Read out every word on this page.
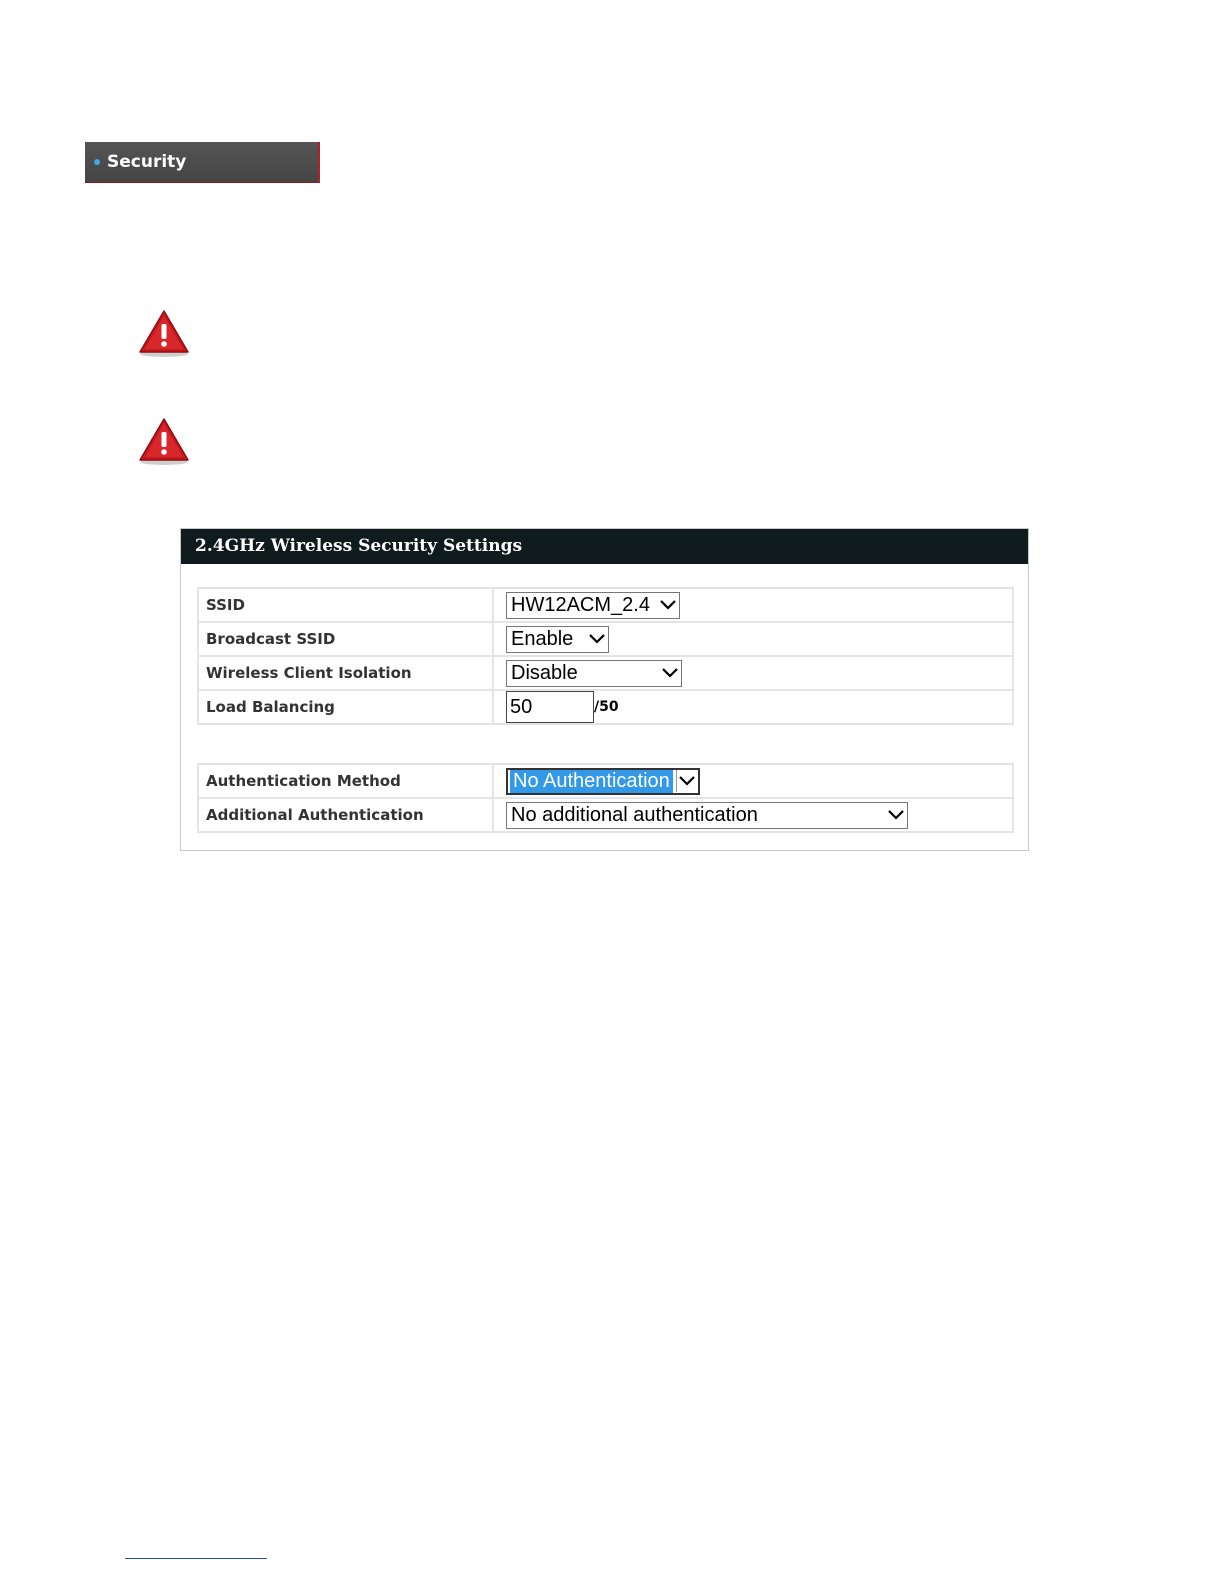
Security
2.4GHz Wireless Security Settings
SSID	HW12ACM_2.4

Broadcast SSID	Enable

Wireless Client Isolation	Disable

Load Balancing	50 /50
Authentication Method	No Authentication

Additional Authentication	No additional authentication
